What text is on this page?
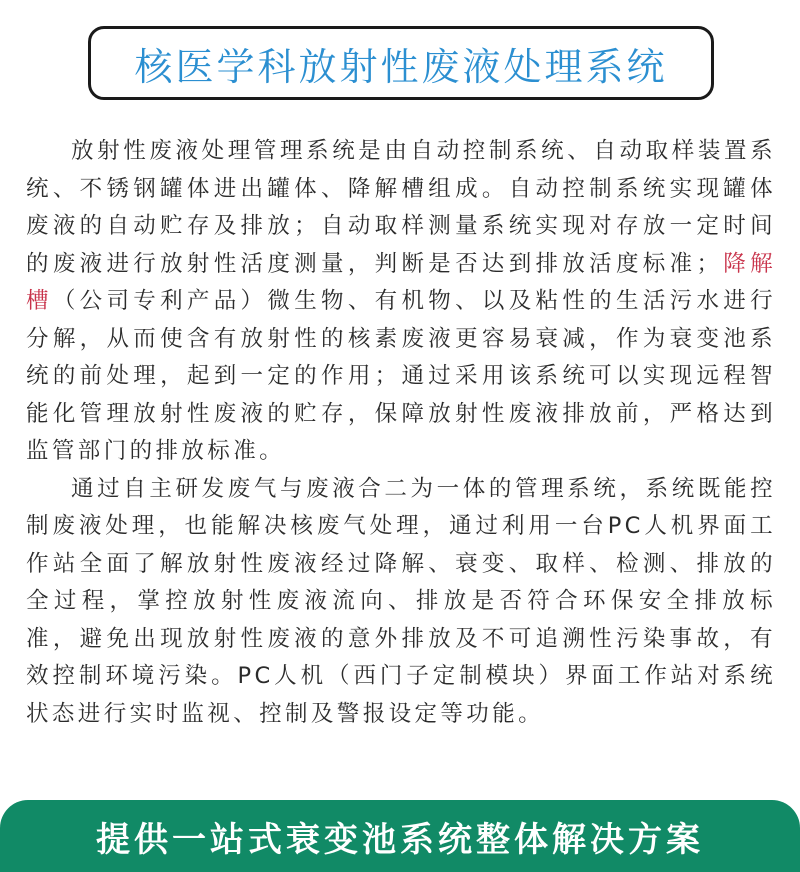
核医学科放射性废液处理系统

放射性废液处理管理系统是由自动控制系统、自动取样装置系统、不锈钢罐体进出罐体、降解槽组成。自动控制系统实现罐体废液的自动贮存及排放；自动取样测量系统实现对存放一定时间的废液进行放射性活度测量，判断是否达到排放活度标准；降解槽（公司专利产品）微生物、有机物、以及粘性的生活污水进行分解，从而使含有放射性的核素废液更容易衰减，作为衰变池系统的前处理，起到一定的作用；通过采用该系统可以实现远程智能化管理放射性废液的贮存，保障放射性废液排放前，严格达到监管部门的排放标准。

通过自主研发废气与废液合二为一体的管理系统，系统既能控制废液处理，也能解决核废气处理，通过利用一台PC人机界面工作站全面了解放射性废液经过降解、衰变、取样、检测、排放的全过程，掌控放射性废液流向、排放是否符合环保安全排放标准，避免出现放射性废液的意外排放及不可追溯性污染事故，有效控制环境污染。PC人机（西门子定制模块）界面工作站对系统状态进行实时监视、控制及警报设定等功能。

提供一站式衰变池系统整体解决方案
